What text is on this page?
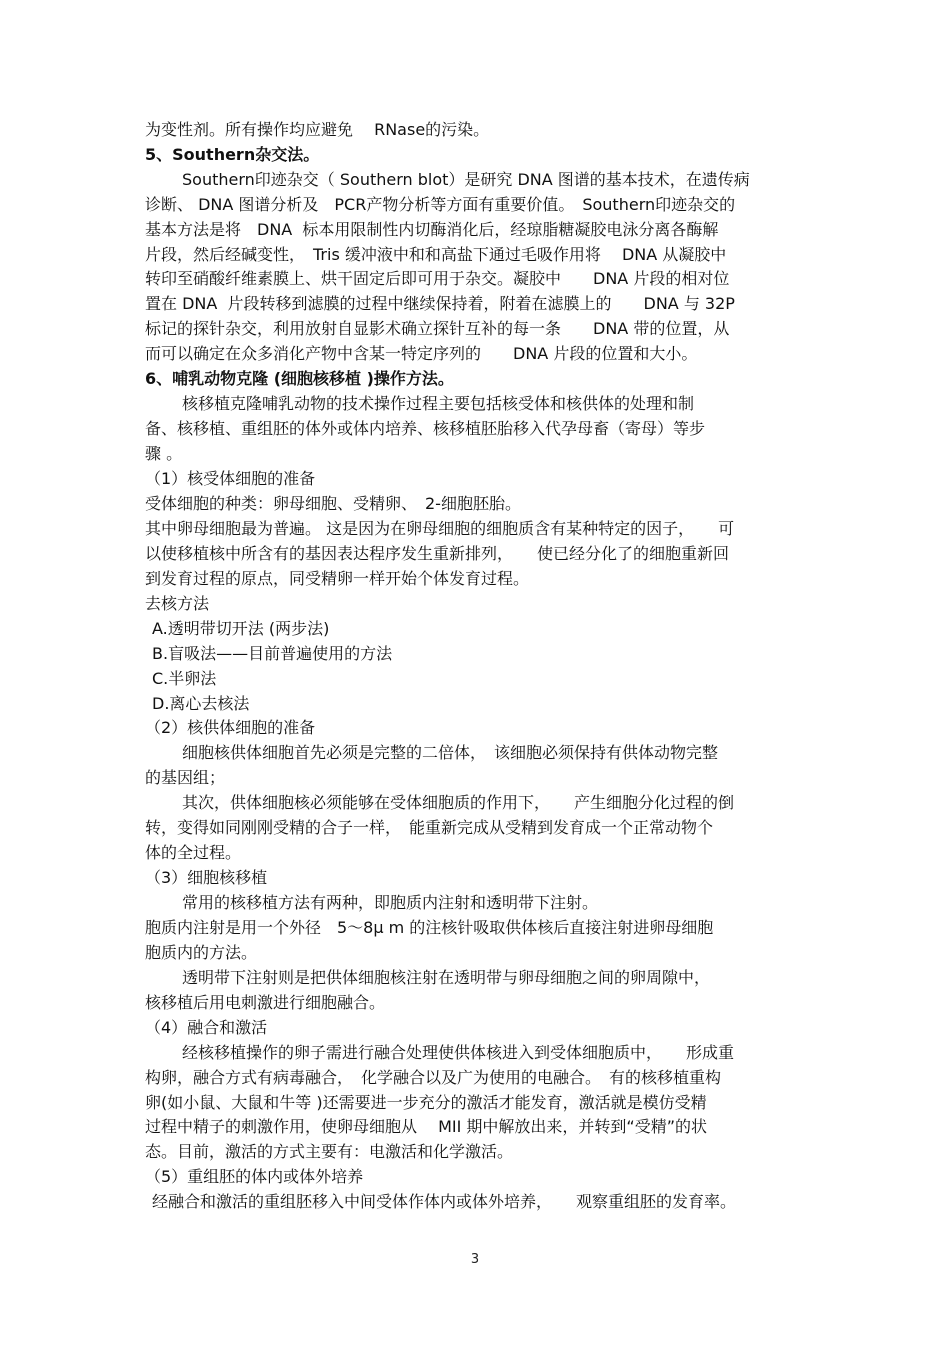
为变性剂。所有操作均应避免　 RNase的污染。
5、Southern杂交法。
Southern印迹杂交（ Southern blot）是研究 DNA 图谱的基本技术，在遗传病
诊断、 DNA 图谱分析及　PCR产物分析等方面有重要价值。　Southern印迹杂交的
基本方法是将　DNA  标本用限制性内切酶消化后，经琼脂糖凝胶电泳分离各酶解
片段，然后经碱变性，　Tris 缓冲液中和和高盐下通过毛吸作用将　 DNA 从凝胶中
转印至硝酸纤维素膜上、烘干固定后即可用于杂交。凝胶中　　DNA 片段的相对位
置在 DNA  片段转移到滤膜的过程中继续保持着，附着在滤膜上的　　DNA 与 32P
标记的探针杂交，利用放射自显影术确立探针互补的每一条　　DNA 带的位置，从
而可以确定在众多消化产物中含某一特定序列的　　DNA 片段的位置和大小。
6、哺乳动物克隆 (细胞核移植 )操作方法。
核移植克隆哺乳动物的技术操作过程主要包括核受体和核供体的处理和制
备、核移植、重组胚的体外或体内培养、核移植胚胎移入代孕母畜（寄母）等步
骤 。
（1）核受体细胞的准备
受体细胞的种类：卵母细胞、受精卵、　2-细胞胚胎。
其中卵母细胞最为普遍。 这是因为在卵母细胞的细胞质含有某种特定的因子，　　可
以使移植核中所含有的基因表达程序发生重新排列，　　使已经分化了的细胞重新回
到发育过程的原点，同受精卵一样开始个体发育过程。
去核方法
A.透明带切开法 (两步法)
B.盲吸法——目前普遍使用的方法
C.半卵法
D.离心去核法
（2）核供体细胞的准备
细胞核供体细胞首先必须是完整的二倍体，　该细胞必须保持有供体动物完整
的基因组；
其次，供体细胞核必须能够在受体细胞质的作用下，　　产生细胞分化过程的倒
转，变得如同刚刚受精的合子一样，　能重新完成从受精到发育成一个正常动物个
体的全过程。
（3）细胞核移植
常用的核移植方法有两种，即胞质内注射和透明带下注射。
胞质内注射是用一个外径　5～8μ m 的注核针吸取供体核后直接注射进卵母细胞
胞质内的方法。
透明带下注射则是把供体细胞核注射在透明带与卵母细胞之间的卵周隙中，
核移植后用电刺激进行细胞融合。
（4）融合和激活
经核移植操作的卵子需进行融合处理使供体核进入到受体细胞质中，　　形成重
构卵，融合方式有病毒融合，　化学融合以及广为使用的电融合。　有的核移植重构
卵(如小鼠、大鼠和牛等 )还需要进一步充分的激活才能发育，激活就是模仿受精
过程中精子的刺激作用，使卵母细胞从　 MII 期中解放出来，并转到“受精”的状
态。目前，激活的方式主要有：电激活和化学激活。
（5）重组胚的体内或体外培养
经融合和激活的重组胚移入中间受体作体内或体外培养，　　观察重组胚的发育率。
3
